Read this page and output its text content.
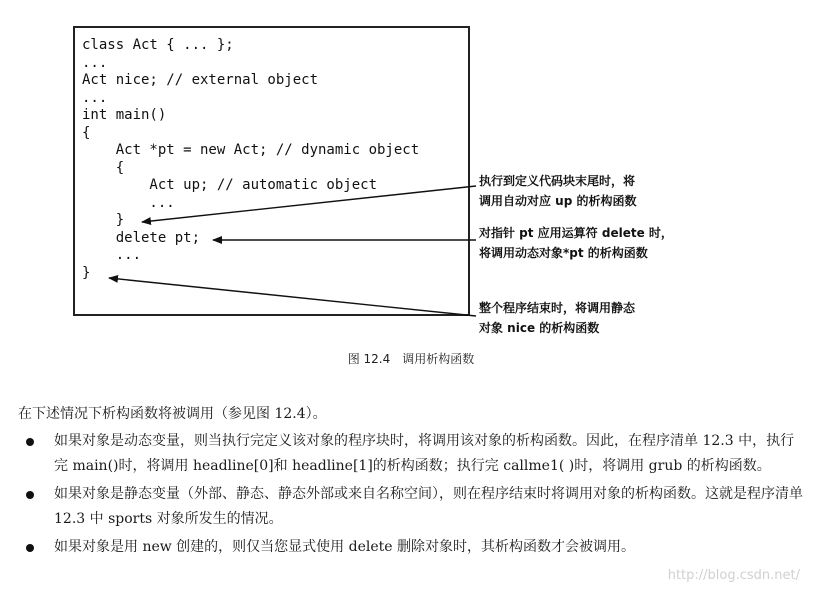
class Act { ... };
...
Act nice; // external object
...
int main()
{
Act *pt = new Act; // dynamic object
{
Act up; // automatic object
...
}
delete pt;
...
}
执行到定义代码块末尾时，将
调用自动对应 up 的析构函数
对指针 pt 应用运算符 delete 时，
将调用动态对象*pt 的析构函数
整个程序结束时，将调用静态
对象 nice 的析构函数
图 12.4 调用析构函数

在下述情况下析构函数将被调用（参见图 12.4）。

如果对象是动态变量，则当执行完定义该对象的程序块时，将调用该对象的析构函数。因此，在程序清单 12.3 中，执行完 main()时，将调用 headline[0]和 headline[1]的析构函数；执行完 callme1( )时，将调用 grub 的析构函数。
如果对象是静态变量（外部、静态、静态外部或来自名称空间），则在程序结束时将调用对象的析构函数。这就是程序清单 12.3 中 sports 对象所发生的情况。
如果对象是用 new 创建的，则仅当您显式使用 delete 删除对象时，其析构函数才会被调用。
http://blog.csdn.net/
